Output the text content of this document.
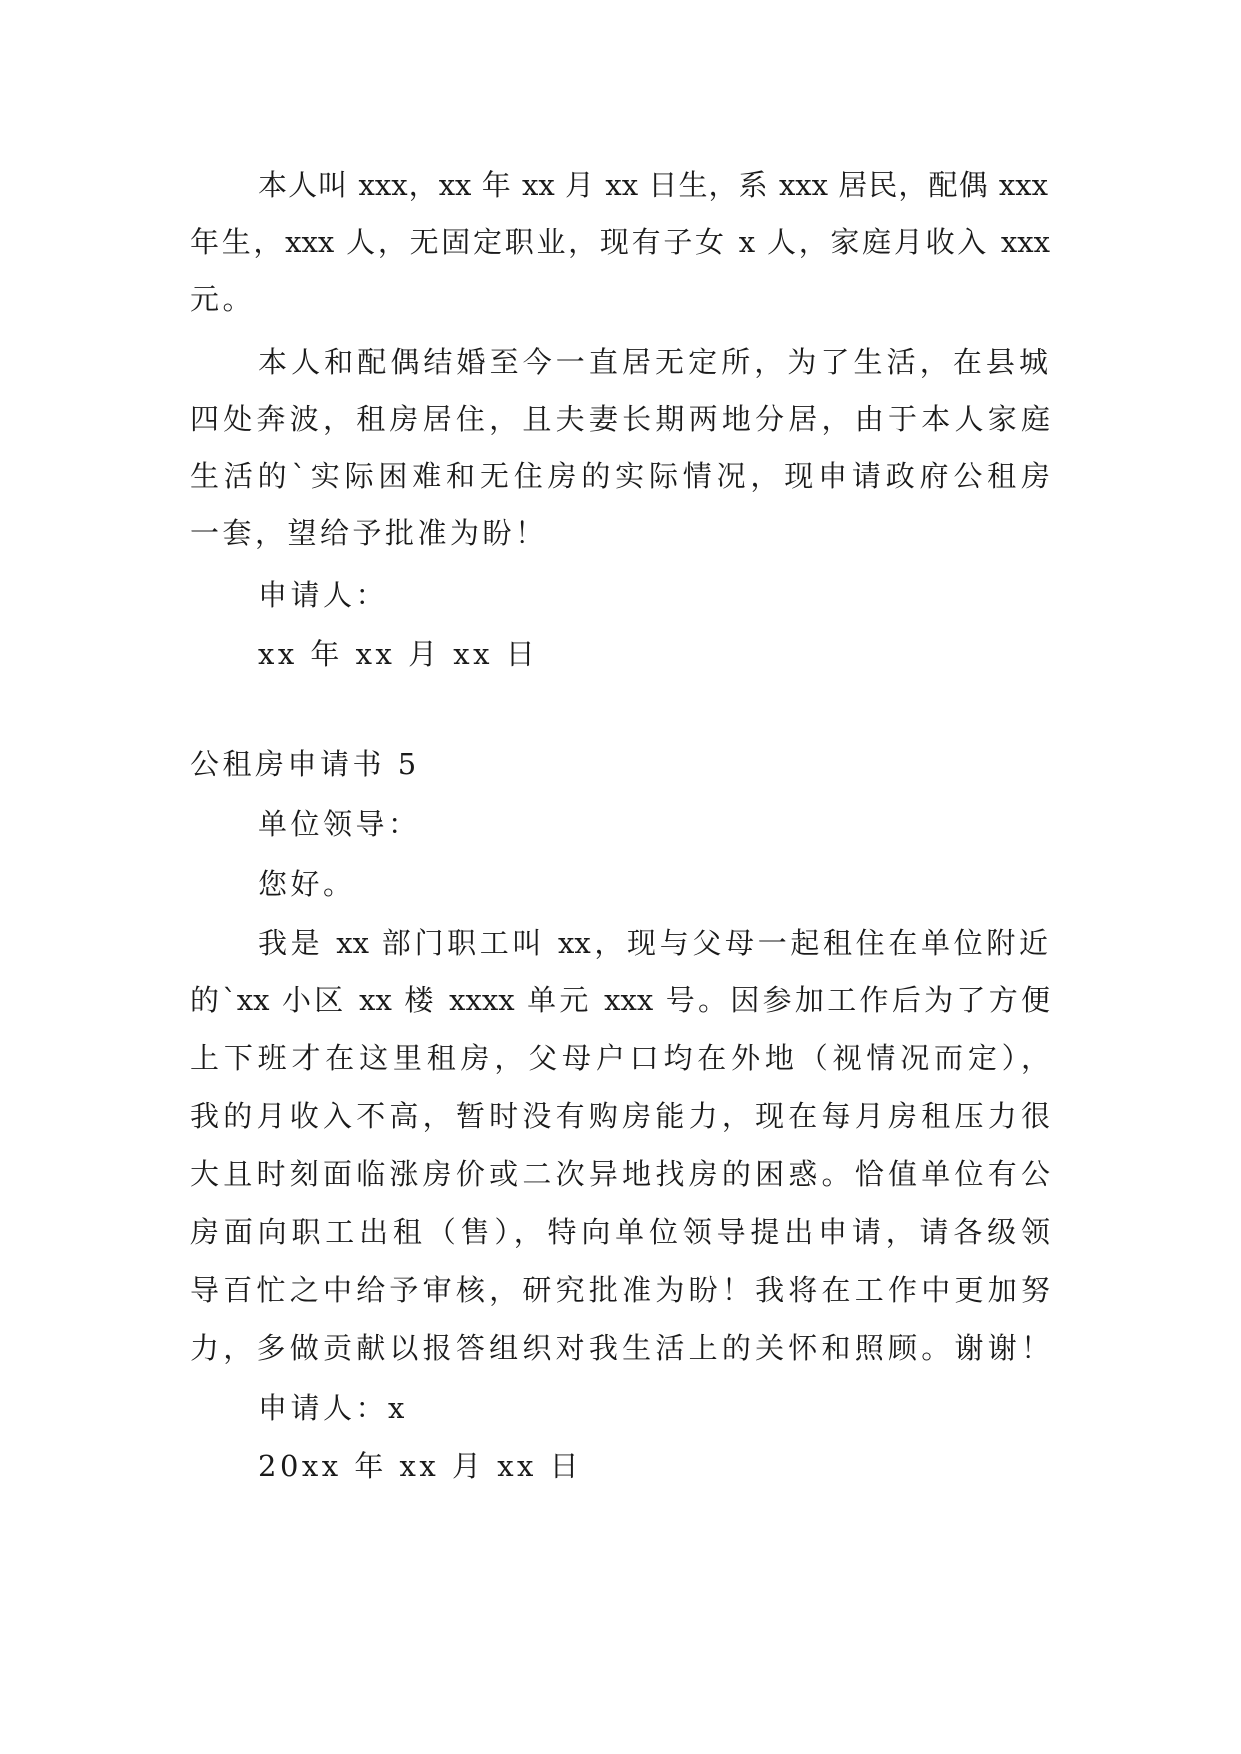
本人叫 xxx，xx 年 xx 月 xx 日生，系 xxx 居民，配偶 xxx
年生，xxx 人，无固定职业，现有子女 x 人，家庭月收入 xxx
元。
本人和配偶结婚至今一直居无定所，为了生活，在县城
四处奔波，租房居住，且夫妻长期两地分居，由于本人家庭
生活的`实际困难和无住房的实际情况，现申请政府公租房
一套，望给予批准为盼！
申请人：
xx 年 xx 月 xx 日
公租房申请书 5
单位领导：
您好。
我是 xx 部门职工叫 xx，现与父母一起租住在单位附近
的`xx 小区 xx 楼 xxxx 单元 xxx 号。因参加工作后为了方便
上下班才在这里租房，父母户口均在外地（视情况而定），
我的月收入不高，暂时没有购房能力，现在每月房租压力很
大且时刻面临涨房价或二次异地找房的困惑。恰值单位有公
房面向职工出租（售），特向单位领导提出申请，请各级领
导百忙之中给予审核，研究批准为盼！我将在工作中更加努
力，多做贡献以报答组织对我生活上的关怀和照顾。谢谢！
申请人：x
20xx 年 xx 月 xx 日
